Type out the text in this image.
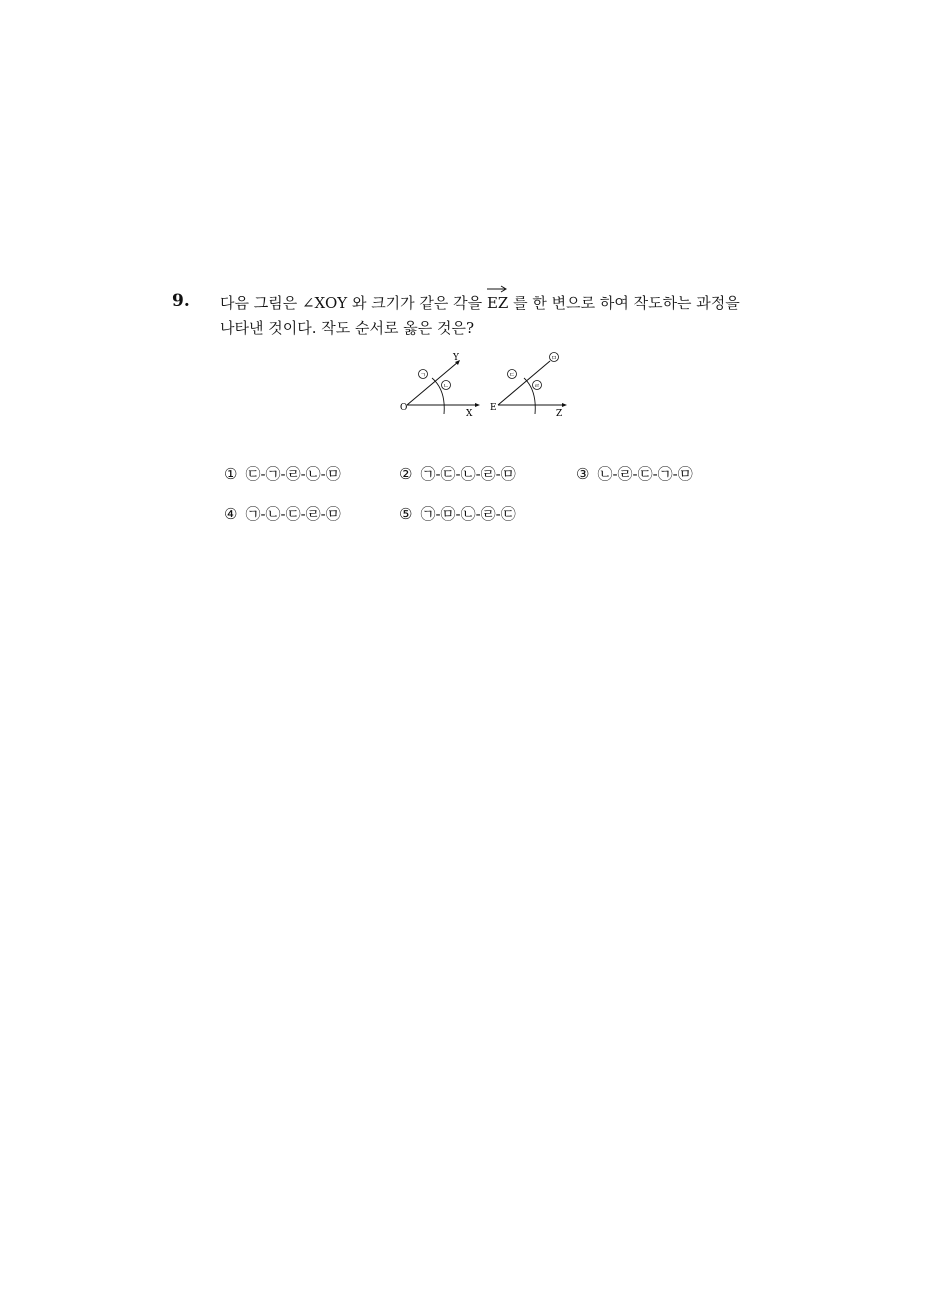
9. 다음 그림은 ∠XOY 와 크기가 같은 각을
EZ 를 한 변으로 하여 작도하는 과정을
나타낸 것이다. 작도 순서로 옳은 것은?
O
X
Y
ㄱ
ㄴ
E
Z
ㄷ
ㄹ
ㅁ
① ㉢-㉠-㉣-㉡-㉤	② ㉠-㉢-㉡-㉣-㉤	③ ㉡-㉣-㉢-㉠-㉤
④ ㉠-㉡-㉢-㉣-㉤	⑤ ㉠-㉤-㉡-㉣-㉢
